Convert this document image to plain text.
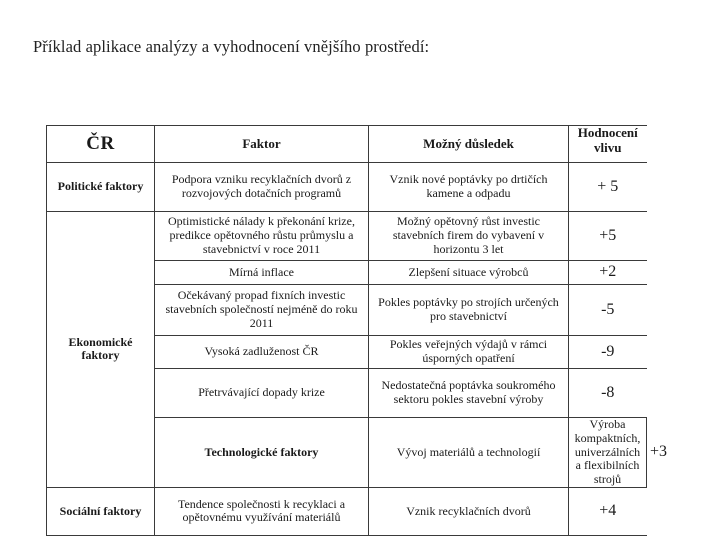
Příklad aplikace analýzy a vyhodnocení vnějšího prostředí:
ČR	Faktor	Možný důsledek	Hodnocení vlivu	
Politické faktory	Podpora vzniku recyklačních dvorů z rozvojových dotačních programů	Vznik nové poptávky po drtičích kamene a odpadu	+ 5	
Ekonomické faktory	Optimistické nálady k překonání krize, predikce opětovného růstu průmyslu a stavebnictví v roce 2011	Možný opětovný růst investic stavebních firem do vybavení v horizontu 3 let	+5	
	Mírná inflace	Zlepšení situace výrobců	+2	
	Očekávaný propad fixních investic stavebních společností nejméně do roku 2011	Pokles poptávky po strojích určených pro stavebnictví	-5	
	Vysoká zadluženost ČR	Pokles veřejných výdajů v rámci úsporných opatření	-9	
	Přetrvávající dopady krize	Nedostatečná poptávka soukromého sektoru pokles stavební výroby	-8	
	Technologické faktory	Vývoj materiálů a technologií	Výroba kompaktních, univerzálních a flexibilních strojů	+3
Sociální faktory	Tendence společnosti k recyklaci a opětovnému využívání materiálů	Vznik recyklačních dvorů	+4	
